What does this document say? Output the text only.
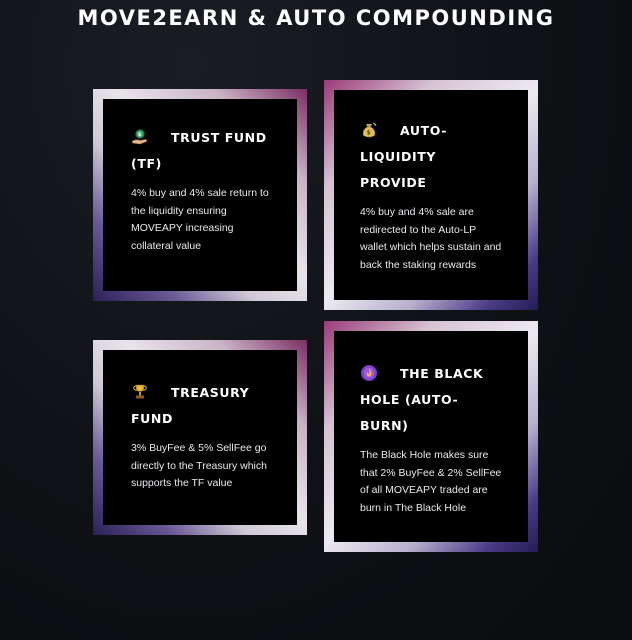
MOVE2EARN & AUTO COMPOUNDING
$ TRUST FUND (TF)
4% buy and 4% sale return to the liquidity ensuring MOVEAPY increasing collateral value
$ AUTO-LIQUIDITY PROVIDE
4% buy and 4% sale are redirected to the Auto-LP wallet which helps sustain and back the staking rewards
TREASURY FUND
3% BuyFee & 5% SellFee go directly to the Treasury which supports the TF value
THE BLACK HOLE (AUTO-BURN)
The Black Hole makes sure that 2% BuyFee & 2% SellFee of all MOVEAPY traded are burn in The Black Hole
